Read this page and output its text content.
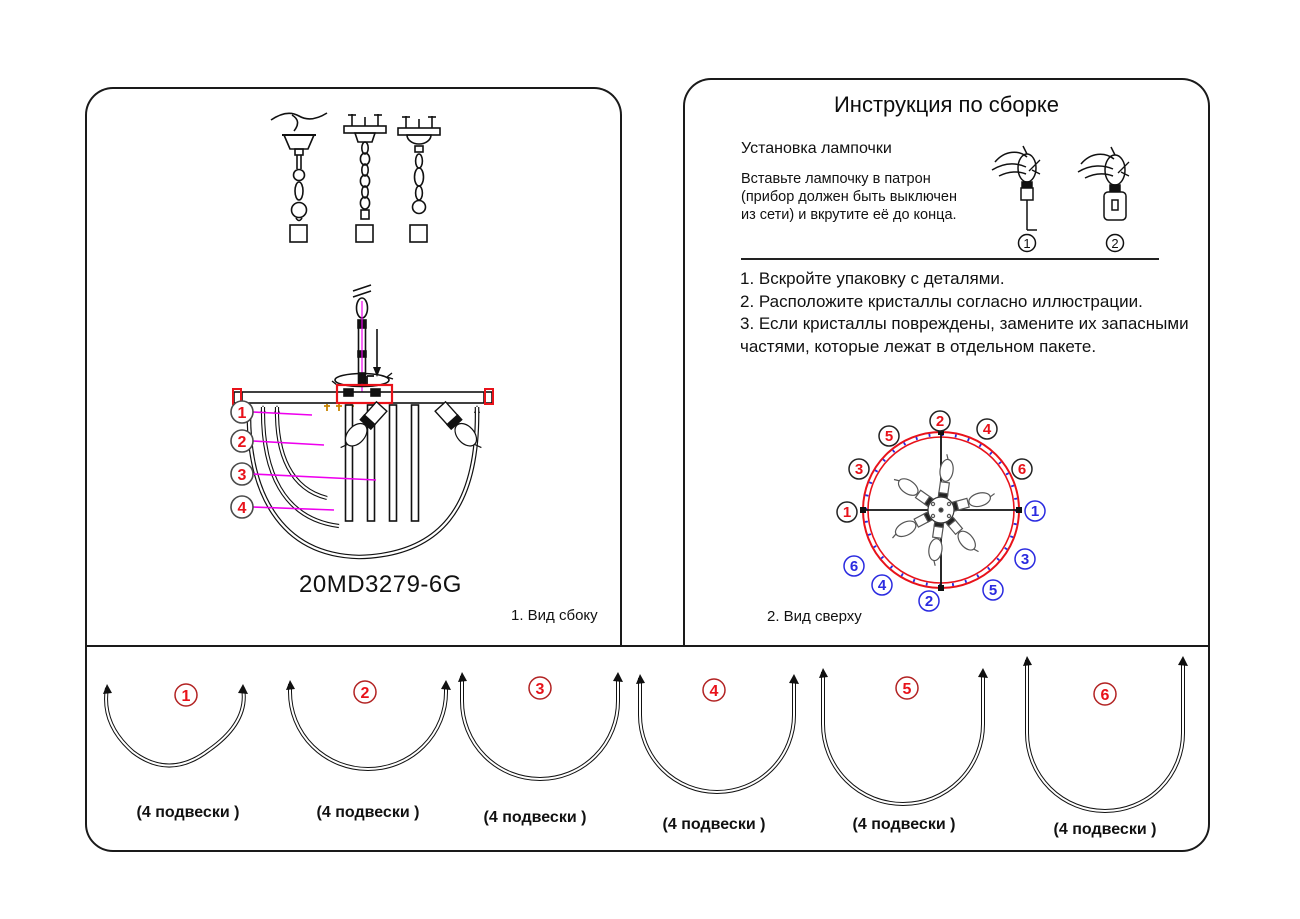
1
2
3
4
20MD3279-6G
1. Вид сбоку
Инструкция по сборке
Установка лампочки
Вставьте лампочку в патрон (прибор должен быть выключен из сети) и вкрутите её до конца.
1	2
1. Вскройте упаковку с деталями.
2. Расположите кристаллы согласно иллюстрации.
3. Если кристаллы повреждены, замените их запасными частями, которые лежат в отдельном пакете.
1
3
5
2	4
6
1
3
5
2
4
6
2. Вид сверху
1
(4 подвески )
2
(4 подвески )
3
(4 подвески )
4
(4 подвески )
5
(4 подвески )
6
(4 подвески )
